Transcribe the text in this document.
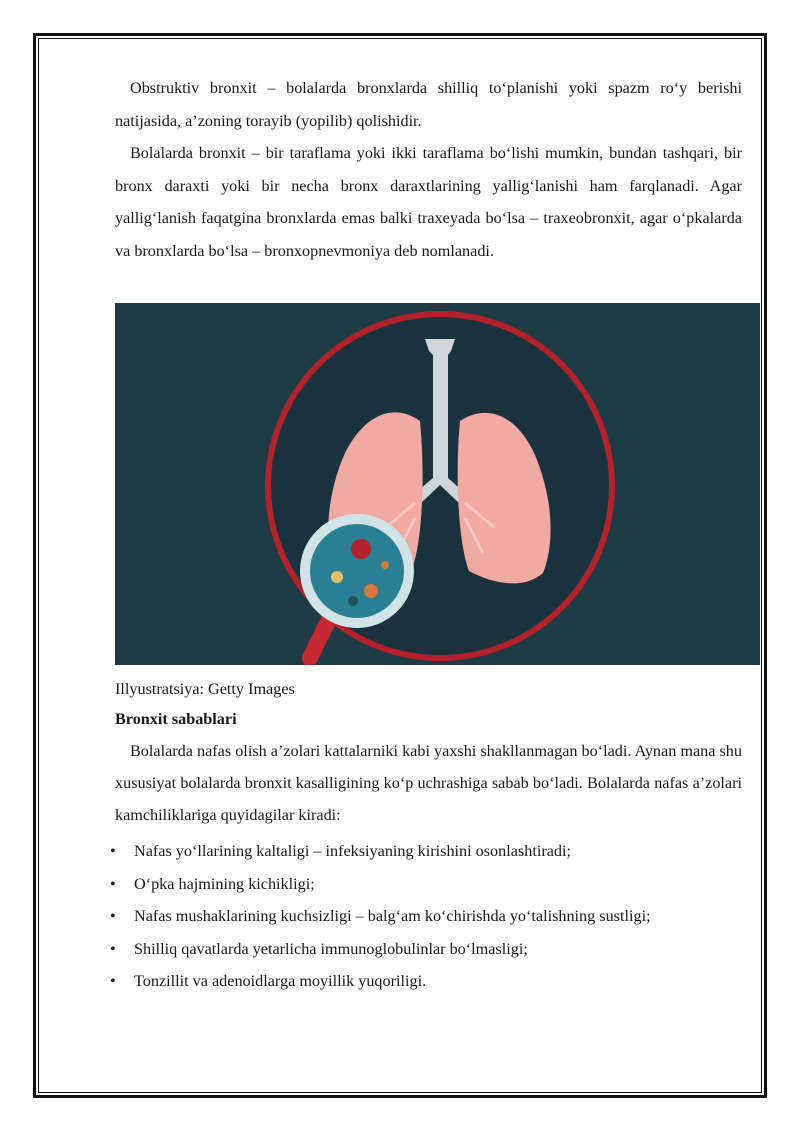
Obstruktiv bronxit – bolalarda bronxlarda shilliq to‘planishi yoki spazm ro‘y berishi natijasida, a’zoning torayib (yopilib) qolishidir.

Bolalarda bronxit – bir taraflama yoki ikki taraflama bo‘lishi mumkin, bundan tashqari, bir bronx daraxti yoki bir necha bronx daraxtlarining yallig‘lanishi ham farqlanadi. Agar yallig‘lanish faqatgina bronxlarda emas balki traxeyada bo‘lsa – traxeobronxit, agar o‘pkalarda va bronxlarda bo‘lsa – bronxopnevmoniya deb nomlanadi.

Illyustratsiya: Getty Images
Bronxit sabablari

Bolalarda nafas olish a’zolari kattalarniki kabi yaxshi shakllanmagan bo‘ladi. Aynan mana shu xususiyat bolalarda bronxit kasalligining ko‘p uchrashiga sabab bo‘ladi. Bolalarda nafas a’zolari kamchiliklariga quyidagilar kiradi:

• Nafas yo‘llarining kaltaligi – infeksiyaning kirishini osonlashtiradi;
• O‘pka hajmining kichikligi;
• Nafas mushaklarining kuchsizligi – balg‘am ko‘chirishda yo‘talishning sustligi;
• Shilliq qavatlarda yetarlicha immunoglobulinlar bo‘lmasligi;
• Tonzillit va adenoidlarga moyillik yuqoriligi.
